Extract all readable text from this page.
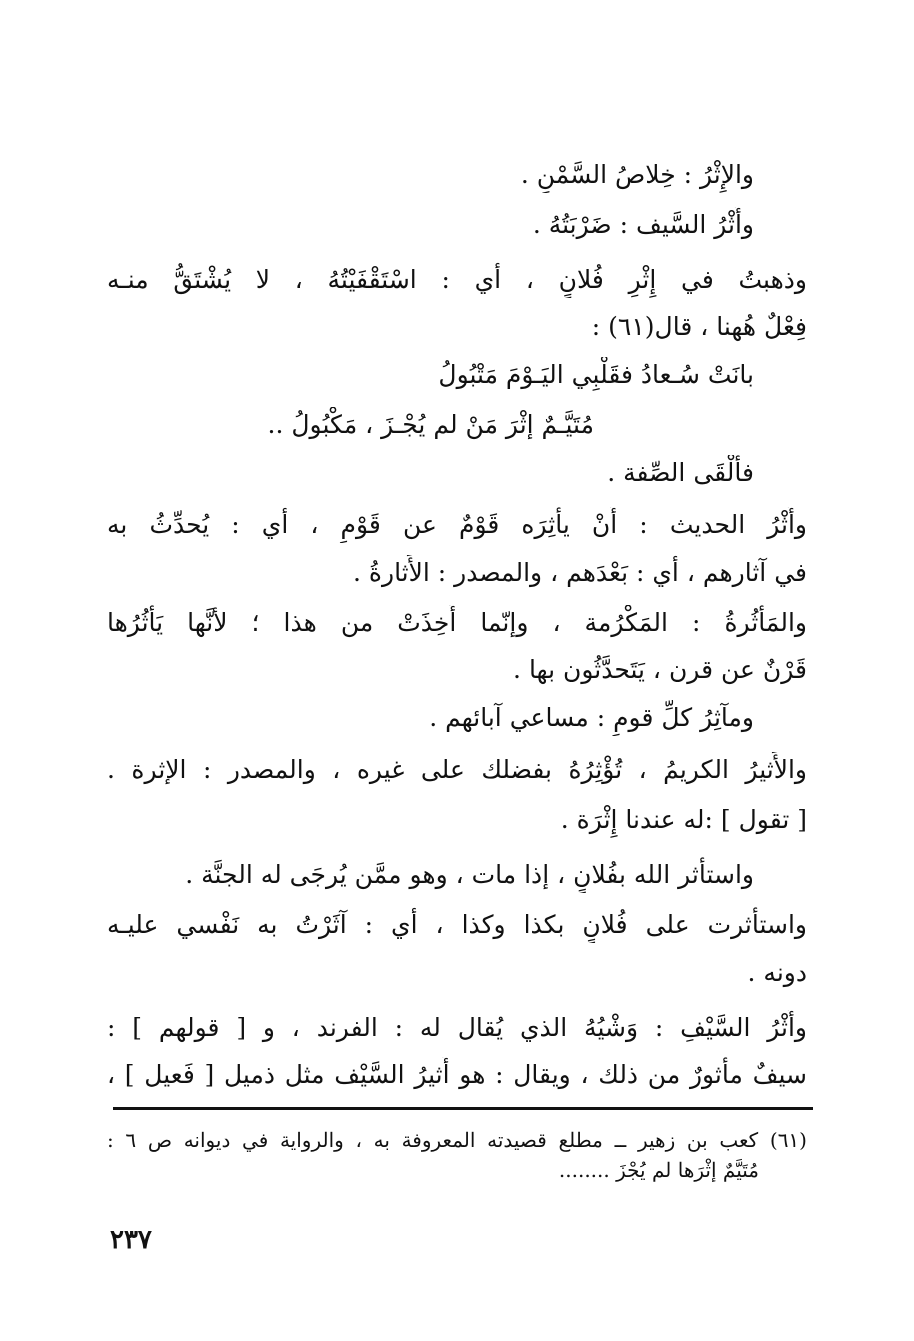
والإِثْرُ : خِلاصُ السَّمْنِ .
وأَثْرُ السَّيف : ضَرْبَتُهُ .
وذهبتُ في إِثْرِ فُلانٍ ، أي : اسْتَقْفَيْتُهُ ، لا يُشْتَقُّ منـه
فِعْلٌ هُهنا ، قال(٦١) :
بانَتْ سُـعادُ فقَلْبِي اليَـوْمَ مَتْبُولُ
مُتَيَّـمٌ إثْرَ مَنْ لم يُجْـزَ ، مَكْبُولُ ..
فأَلْقَى الصِّفة .
وأَثْرُ الحديث : أَنْ يأْثِرَه قَوْمٌ عن قَوْمٍ ، أي : يُحدِّثُ به
في آثارهم ، أي : بَعْدَهم ، والمصدر : الأَثارةُ .
والمَأْثُرةُ : المَكْرُمة ، وإنّما أُخِذَتْ من هذا ؛ لأنَّها يَأْثُرُها
قَرْنٌ عن قرن ، يَتَحدَّثُون بها .
ومآثِرُ كلِّ قومٍ : مساعي آبائهم .
والأَثيرُ الكريمُ ، تُؤْثِرُهُ بفضلك على غيره ، والمصدر : الإثرة .
[ تقول ] :له عندنا إِثْرَة .
واستأثر الله بفُلانٍ ، إذا مات ، وهو ممَّن يُرجَى له الجنَّة .
واستأثرت على فُلانٍ بكذا وكذا ، أي : آثَرْتُ به نَفْسي عليـه
دونه .
وأَثْرُ السَّيْفِ : وَشْيُهُ الذي يُقال له : الفرند ، و [ قولهم ] :
سيفٌ مأثورٌ من ذلك ، ويقال : هو أَثيرُ السَّيْف مثل ذميل [ فَعيل ] ،
(٦١) كعب بن زهير ــ مطلع قصيدته المعروفة به ، والرواية في ديوانه ص ٦ :
مُتَيَّمٌ إثْرَها لم يُجْزَ ........
٢٣٧
